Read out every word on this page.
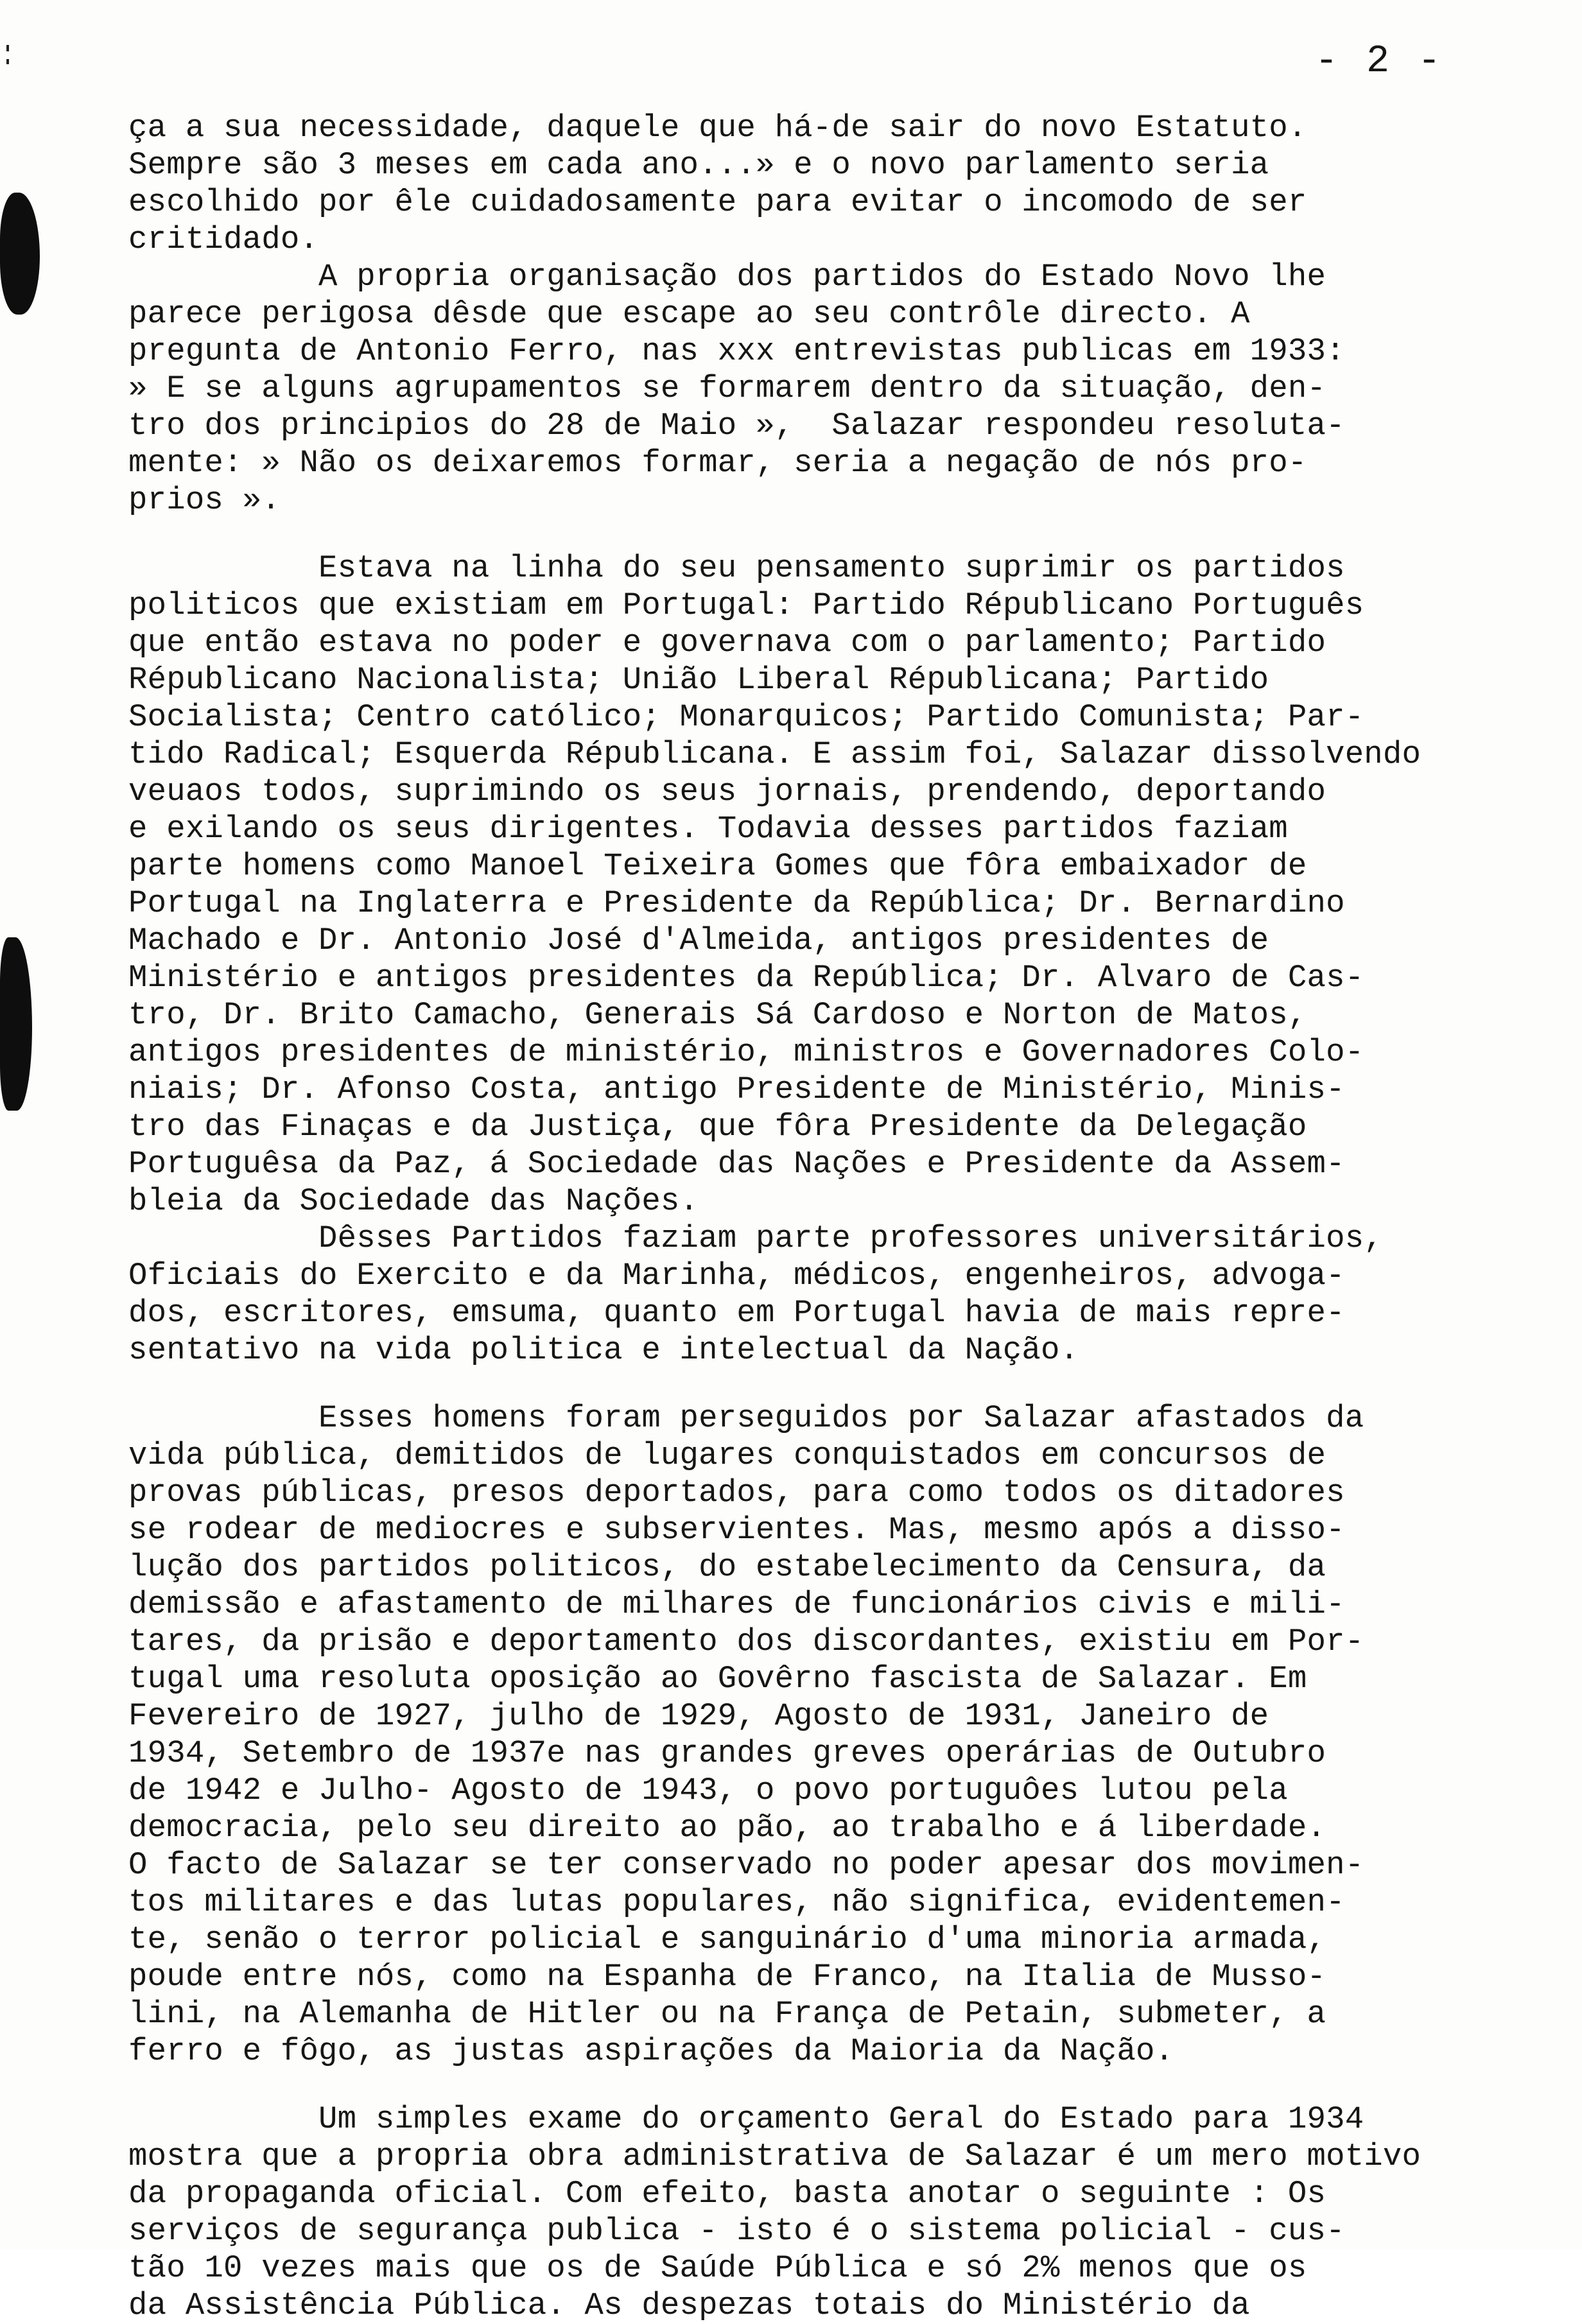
- 2 -
ça a sua necessidade, daquele que há-de sair do novo Estatuto.
Sempre são 3 meses em cada ano...» e o novo parlamento seria
escolhido por êle cuidadosamente para evitar o incomodo de ser
critidado.
A propria organisação dos partidos do Estado Novo lhe
parece perigosa dêsde que escape ao seu contrôle directo. A
pregunta de Antonio Ferro, nas xxx entrevistas publicas em 1933:
» E se alguns agrupamentos se formarem dentro da situação, den-
tro dos principios do 28 de Maio »,  Salazar respondeu resoluta-
mente: » Não os deixaremos formar, seria a negação de nós pro-
prios ».
Estava na linha do seu pensamento suprimir os partidos
politicos que existiam em Portugal: Partido Républicano Português
que então estava no poder e governava com o parlamento; Partido
Républicano Nacionalista; União Liberal Républicana; Partido
Socialista; Centro católico; Monarquicos; Partido Comunista; Par-
tido Radical; Esquerda Républicana. E assim foi, Salazar dissolvendo
veuaos todos, suprimindo os seus jornais, prendendo, deportando
e exilando os seus dirigentes. Todavia desses partidos faziam
parte homens como Manoel Teixeira Gomes que fôra embaixador de
Portugal na Inglaterra e Presidente da República; Dr. Bernardino
Machado e Dr. Antonio José d'Almeida, antigos presidentes de
Ministério e antigos presidentes da República; Dr. Alvaro de Cas-
tro, Dr. Brito Camacho, Generais Sá Cardoso e Norton de Matos,
antigos presidentes de ministério, ministros e Governadores Colo-
niais; Dr. Afonso Costa, antigo Presidente de Ministério, Minis-
tro das Finaças e da Justiça, que fôra Presidente da Delegação
Portuguêsa da Paz, á Sociedade das Nações e Presidente da Assem-
bleia da Sociedade das Nações.
Dêsses Partidos faziam parte professores universitários,
Oficiais do Exercito e da Marinha, médicos, engenheiros, advoga-
dos, escritores, emsuma, quanto em Portugal havia de mais repre-
sentativo na vida politica e intelectual da Nação.
Esses homens foram perseguidos por Salazar afastados da
vida pública, demitidos de lugares conquistados em concursos de
provas públicas, presos deportados, para como todos os ditadores
se rodear de mediocres e subservientes. Mas, mesmo após a disso-
lução dos partidos politicos, do estabelecimento da Censura, da
demissão e afastamento de milhares de funcionários civis e mili-
tares, da prisão e deportamento dos discordantes, existiu em Por-
tugal uma resoluta oposição ao Govêrno fascista de Salazar. Em
Fevereiro de 1927, julho de 1929, Agosto de 1931, Janeiro de
1934, Setembro de 1937e nas grandes greves operárias de Outubro
de 1942 e Julho- Agosto de 1943, o povo portuguôes lutou pela
democracia, pelo seu direito ao pão, ao trabalho e á liberdade.
O facto de Salazar se ter conservado no poder apesar dos movimen-
tos militares e das lutas populares, não significa, evidentemen-
te, senão o terror policial e sanguinário d'uma minoria armada,
poude entre nós, como na Espanha de Franco, na Italia de Musso-
lini, na Alemanha de Hitler ou na França de Petain, submeter, a
ferro e fôgo, as justas aspirações da Maioria da Nação.
Um simples exame do orçamento Geral do Estado para 1934
mostra que a propria obra administrativa de Salazar é um mero motivo
da propaganda oficial. Com efeito, basta anotar o seguinte : Os
serviços de segurança publica - isto é o sistema policial - cus-
tão 10 vezes mais que os de Saúde Pública e só 2% menos que os
da Assistência Pública. As despezas totais do Ministério da
